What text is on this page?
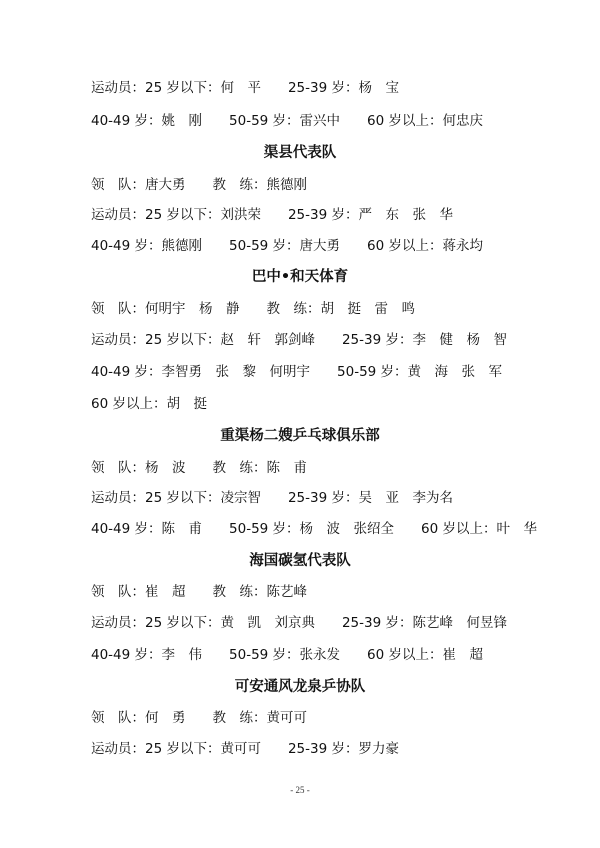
运动员：25 岁以下：何　平　　25-39 岁：杨　宝
40-49 岁：姚　刚　　50-59 岁：雷兴中　　60 岁以上：何忠庆
渠县代表队
领　队：唐大勇　　教　练：熊德刚
运动员：25 岁以下：刘洪荣　　25-39 岁：严　东　张　华
40-49 岁：熊德刚　　50-59 岁：唐大勇　　60 岁以上：蒋永均
巴中•和天体育
领　队：何明宇　杨　静　　教　练：胡　挺　雷　鸣
运动员：25 岁以下：赵　轩　郭剑峰　　25-39 岁：李　健　杨　智
40-49 岁：李智勇　张　黎　何明宇　　50-59 岁：黄　海　张　军
60 岁以上：胡　挺
重渠杨二嫂乒乓球俱乐部
领　队：杨　波　　教　练：陈　甫
运动员：25 岁以下：凌宗智　　25-39 岁：吴　亚　李为名
40-49 岁：陈　甫　　50-59 岁：杨　波　张绍全　　60 岁以上：叶　华
海国碳氢代表队
领　队：崔　超　　教　练：陈艺峰
运动员：25 岁以下：黄　凯　刘京典　　25-39 岁：陈艺峰　何昱锋
40-49 岁：李　伟　　50-59 岁：张永发　　60 岁以上：崔　超
可安通风龙泉乒协队
领　队：何　勇　　教　练：黄可可
运动员：25 岁以下：黄可可　　25-39 岁：罗力豪
- 25 -
